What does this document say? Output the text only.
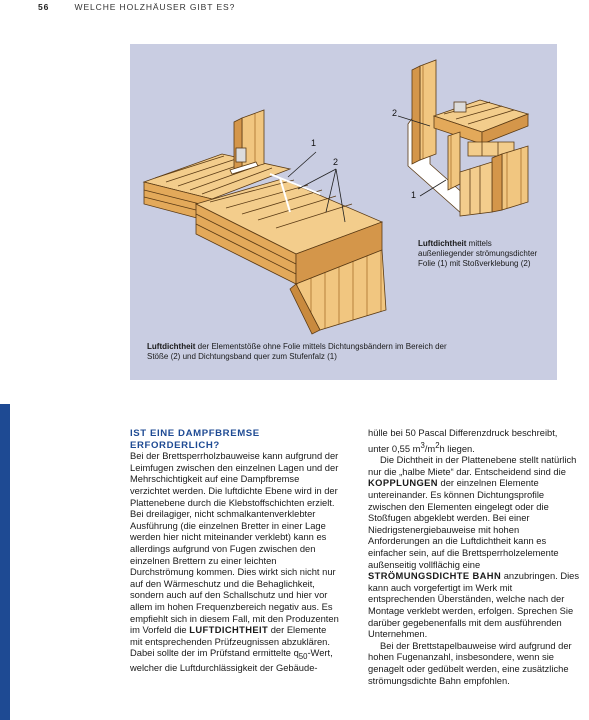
56	WELCHE HOLZHÄUSER GIBT ES?
1
2
2
1
Luftdichtheit mittels außenliegender strömungsdichter Folie (1) mit Stoßverklebung (2)
Luftdichtheit der Elementstöße ohne Folie mittels Dichtungsbändern im Bereich der Stöße (2) und Dichtungsband quer zum Stufenfalz (1)

IST EINE DAMPFBREMSE ERFORDERLICH?

Bei der Brettsperrholzbauweise kann aufgrund der Leimfugen zwischen den einzelnen Lagen und der Mehrschichtigkeit auf eine Dampfbremse verzichtet werden. Die luftdichte Ebene wird in der Plattenebene durch die Klebstoffschichten erzielt. Bei dreilagiger, nicht schmalkantenverklebter Ausführung (die einzelnen Bretter in einer Lage werden hier nicht miteinander verklebt) kann es allerdings aufgrund von Fugen zwischen den einzelnen Brettern zu einer leichten Durchströmung kommen. Dies wirkt sich nicht nur auf den Wärmeschutz und die Behaglichkeit, sondern auch auf den Schallschutz und hier vor allem im hohen Frequenzbereich negativ aus. Es empfiehlt sich in diesem Fall, mit den Produzenten im Vorfeld die LUFTDICHTHEIT der Elemente mit entsprechenden Prüfzeugnissen abzuklären. Dabei sollte der im Prüfstand ermittelte $q_{50}$-Wert, welcher die Luftdurchlässigkeit der Gebäude-

hülle bei 50 Pascal Differenzdruck beschreibt, unter 0,55 $m^3/m^2h$ liegen.

Die Dichtheit in der Plattenebene stellt natürlich nur die „halbe Miete“ dar. Entscheidend sind die KOPPLUNGEN der einzelnen Elemente untereinander. Es können Dichtungsprofile zwischen den Elementen eingelegt oder die Stoßfugen abgeklebt werden. Bei einer Niedrigstenergiebauweise mit hohen Anforderungen an die Luftdichtheit kann es einfacher sein, auf die Brettsperrholzelemente außenseitig vollflächig eine STRÖMUNGSDICHTE BAHN anzubringen. Dies kann auch vorgefertigt im Werk mit entsprechenden Überständen, welche nach der Montage verklebt werden, erfolgen. Sprechen Sie darüber gegebenenfalls mit dem ausführenden Unternehmen.

Bei der Brettstapelbauweise wird aufgrund der hohen Fugenanzahl, insbesondere, wenn sie genagelt oder gedübelt werden, eine zusätzliche strömungsdichte Bahn empfohlen.
